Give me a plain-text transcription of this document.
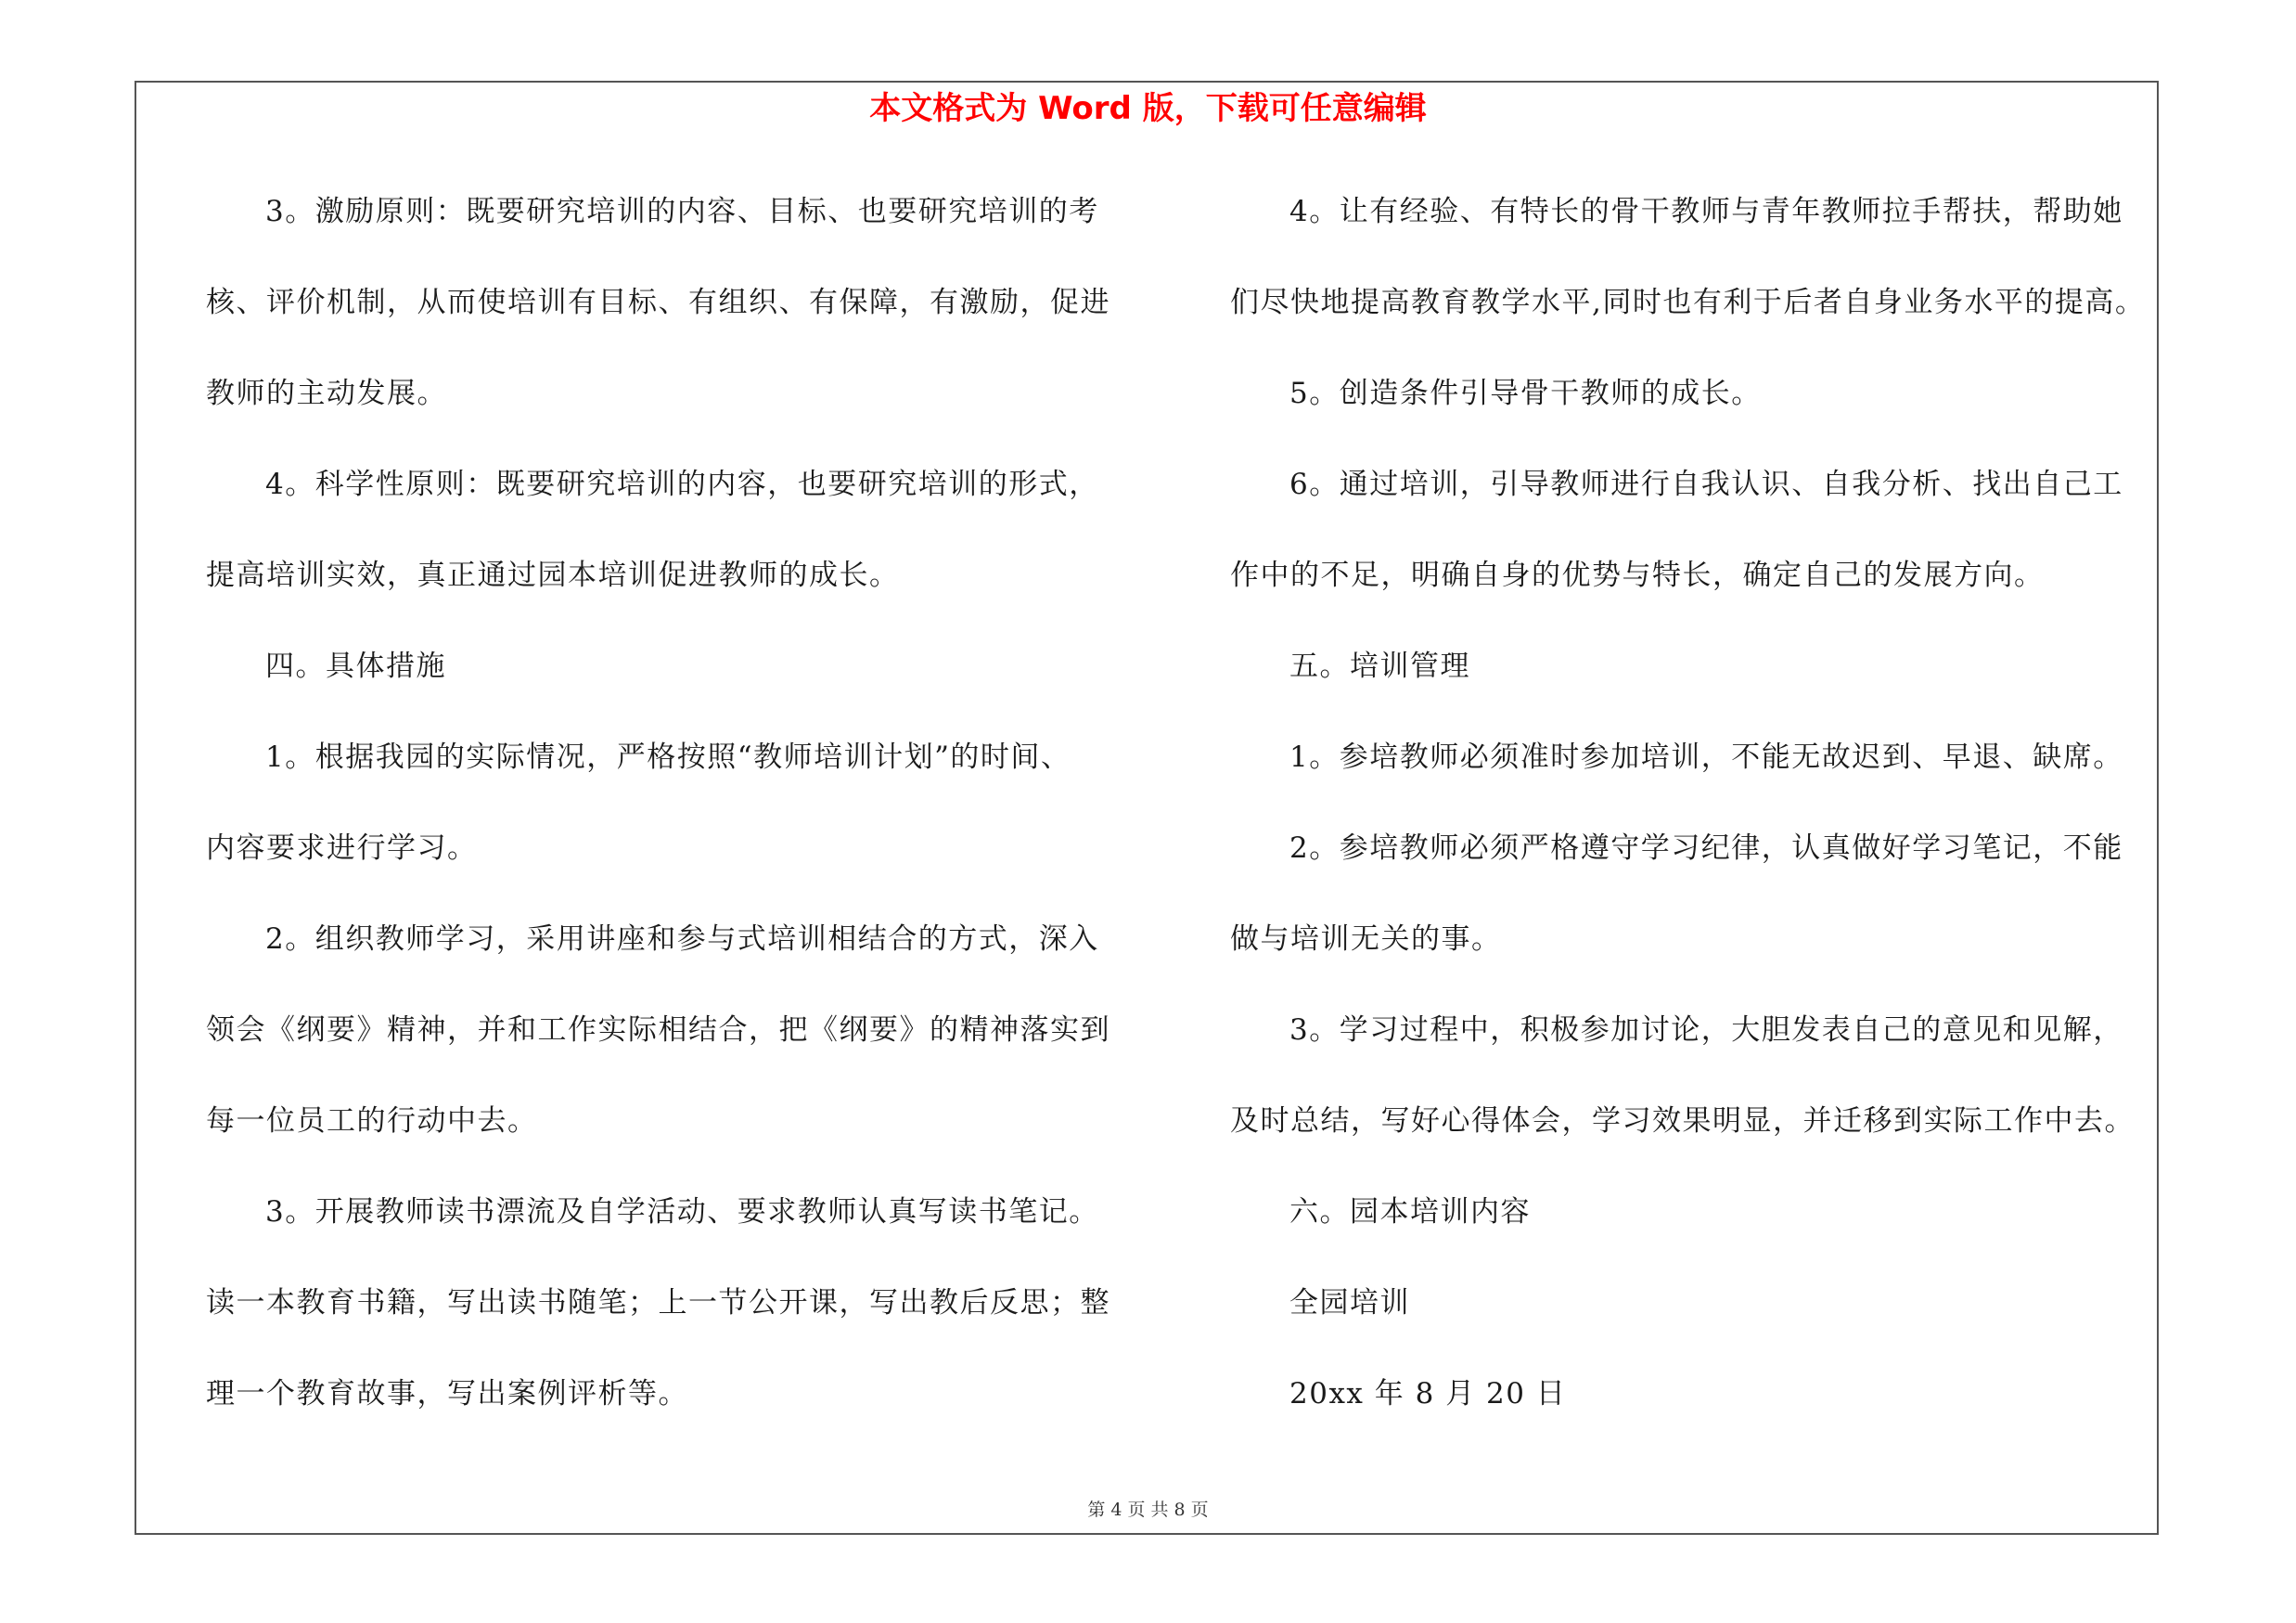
本文格式为 Word 版，下载可任意编辑
3。激励原则：既要研究培训的内容、目标、也要研究培训的考
核、评价机制，从而使培训有目标、有组织、有保障，有激励，促进
教师的主动发展。
4。科学性原则：既要研究培训的内容，也要研究培训的形式，
提高培训实效，真正通过园本培训促进教师的成长。
四。具体措施
1。根据我园的实际情况，严格按照“教师培训计划”的时间、
内容要求进行学习。
2。组织教师学习，采用讲座和参与式培训相结合的方式，深入
领会《纲要》精神，并和工作实际相结合，把《纲要》的精神落实到
每一位员工的行动中去。
3。开展教师读书漂流及自学活动、要求教师认真写读书笔记。
读一本教育书籍，写出读书随笔；上一节公开课，写出教后反思；整
理一个教育故事，写出案例评析等。
4。让有经验、有特长的骨干教师与青年教师拉手帮扶，帮助她
们尽快地提高教育教学水平,同时也有利于后者自身业务水平的提高。
5。创造条件引导骨干教师的成长。
6。通过培训，引导教师进行自我认识、自我分析、找出自己工
作中的不足，明确自身的优势与特长，确定自己的发展方向。
五。培训管理
1。参培教师必须准时参加培训，不能无故迟到、早退、缺席。
2。参培教师必须严格遵守学习纪律，认真做好学习笔记，不能
做与培训无关的事。
3。学习过程中，积极参加讨论，大胆发表自己的意见和见解，
及时总结，写好心得体会，学习效果明显，并迁移到实际工作中去。
六。园本培训内容
全园培训
20xx 年 8 月 20 日
第 4 页 共 8 页
